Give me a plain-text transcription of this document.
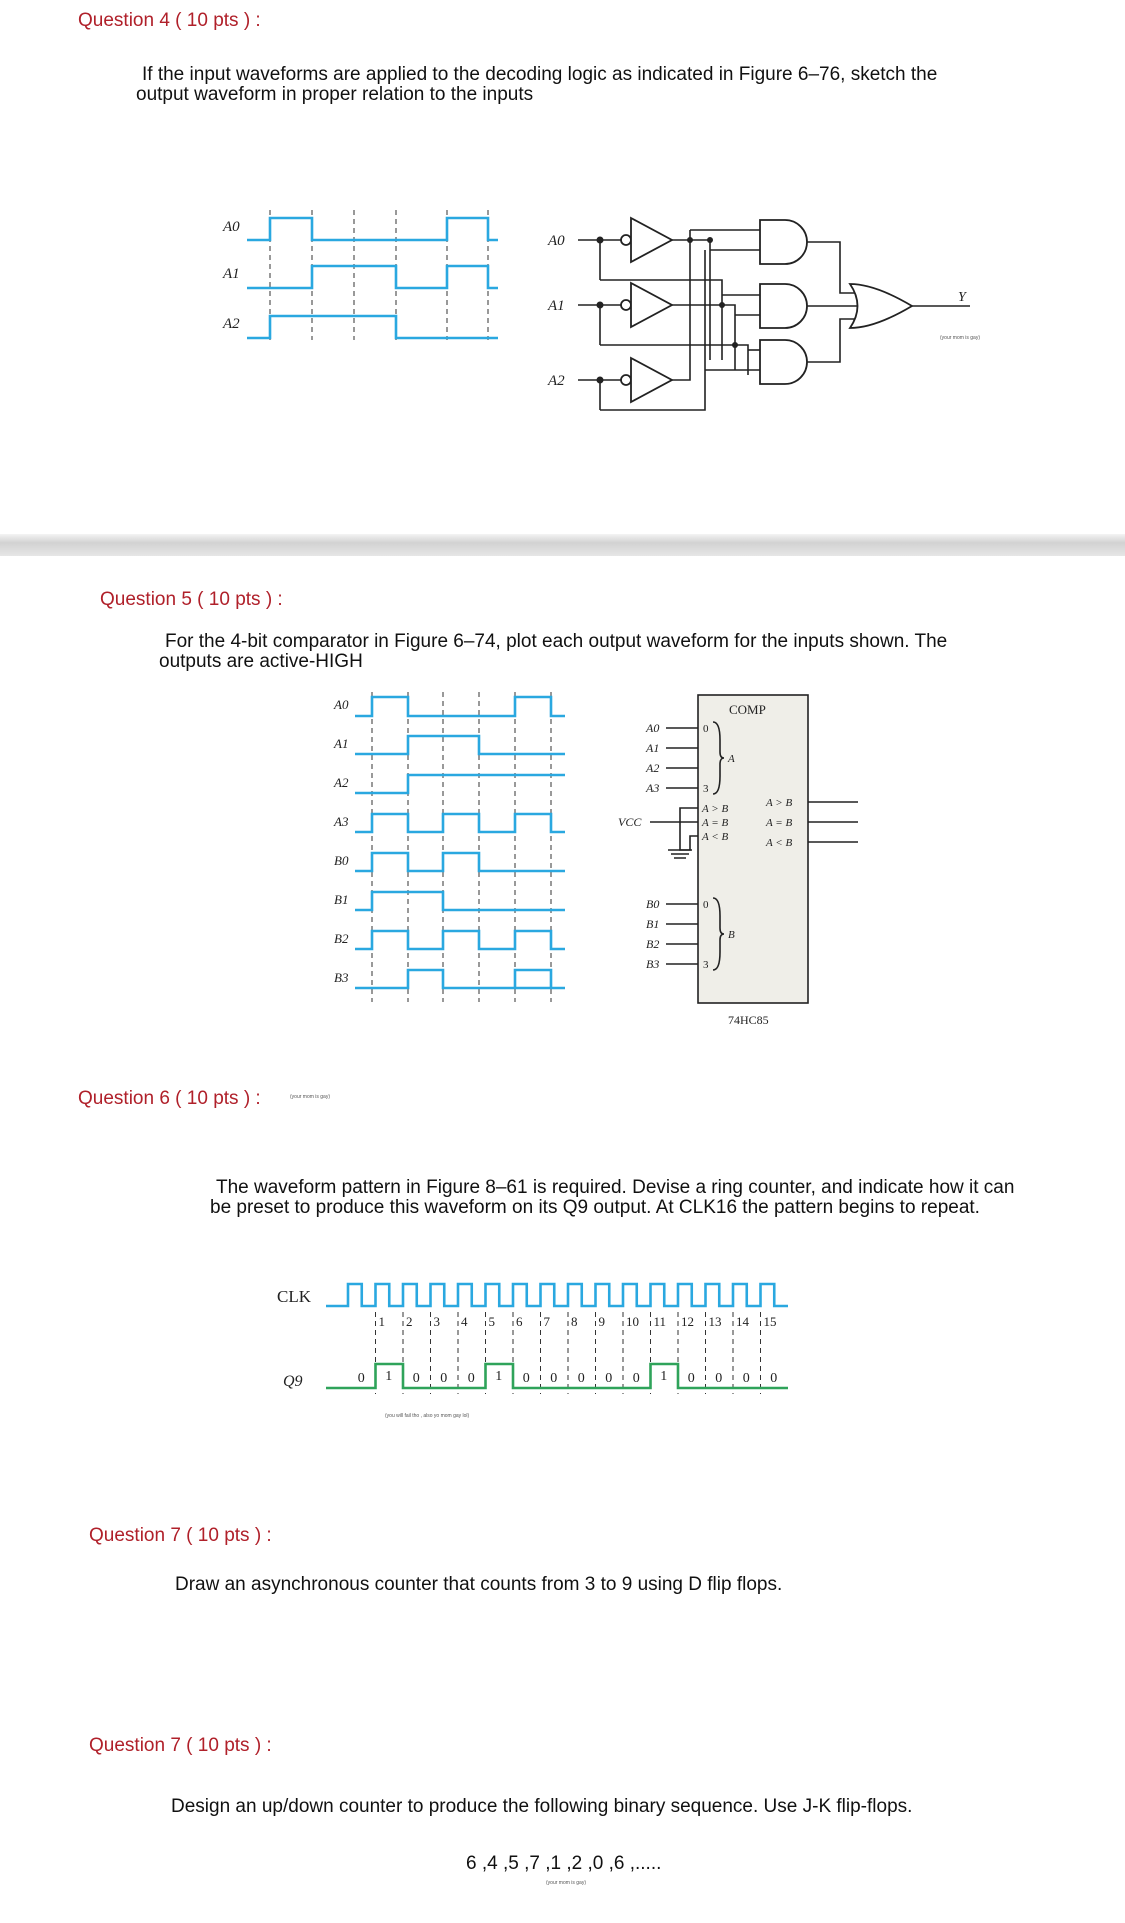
Question 4 ( 10 pts ) :
If the input waveforms are applied to the decoding logic as indicated in Figure 6–76, sketch the
output waveform in proper relation to the inputs
A0
A1
A2
A0
A1
A2
Y
(your mom is gay)
Question 5 ( 10 pts ) :
For the 4-bit comparator in Figure 6–74, plot each output waveform for the inputs shown. The
outputs are active-HIGH
A0
A1
A2
A3
B0
B1
B2
B3
COMP
A0
A1
A2
A3
0
3
A
VCC
A > B
A = B
A < B
A > B
A = B
A < B
B0
B1
B2
B3
0
3
B
74HC85
Question 6 ( 10 pts ) :	(your mom is gay)
The waveform pattern in Figure 8–61 is required. Devise a ring counter, and indicate how it can
be preset to produce this waveform on its Q9 output. At CLK16 the pattern begins to repeat.
CLK
Q9
1 2 3 4 5 6 7 8 9 10 11 12 13 14 15
0 1 0 0 0 1 0 0 0 0 0 1 0 0 0 0
(you will fail tho , also yo mom gay lol)
Question 7 ( 10 pts ) :
Draw an asynchronous counter that counts from 3 to 9 using D flip flops.
Question 7 ( 10 pts ) :
Design an up/down counter to produce the following binary sequence. Use J-K flip-flops.
6 ,4 ,5 ,7 ,1 ,2 ,0 ,6 ,.....
(your mom is gay)
